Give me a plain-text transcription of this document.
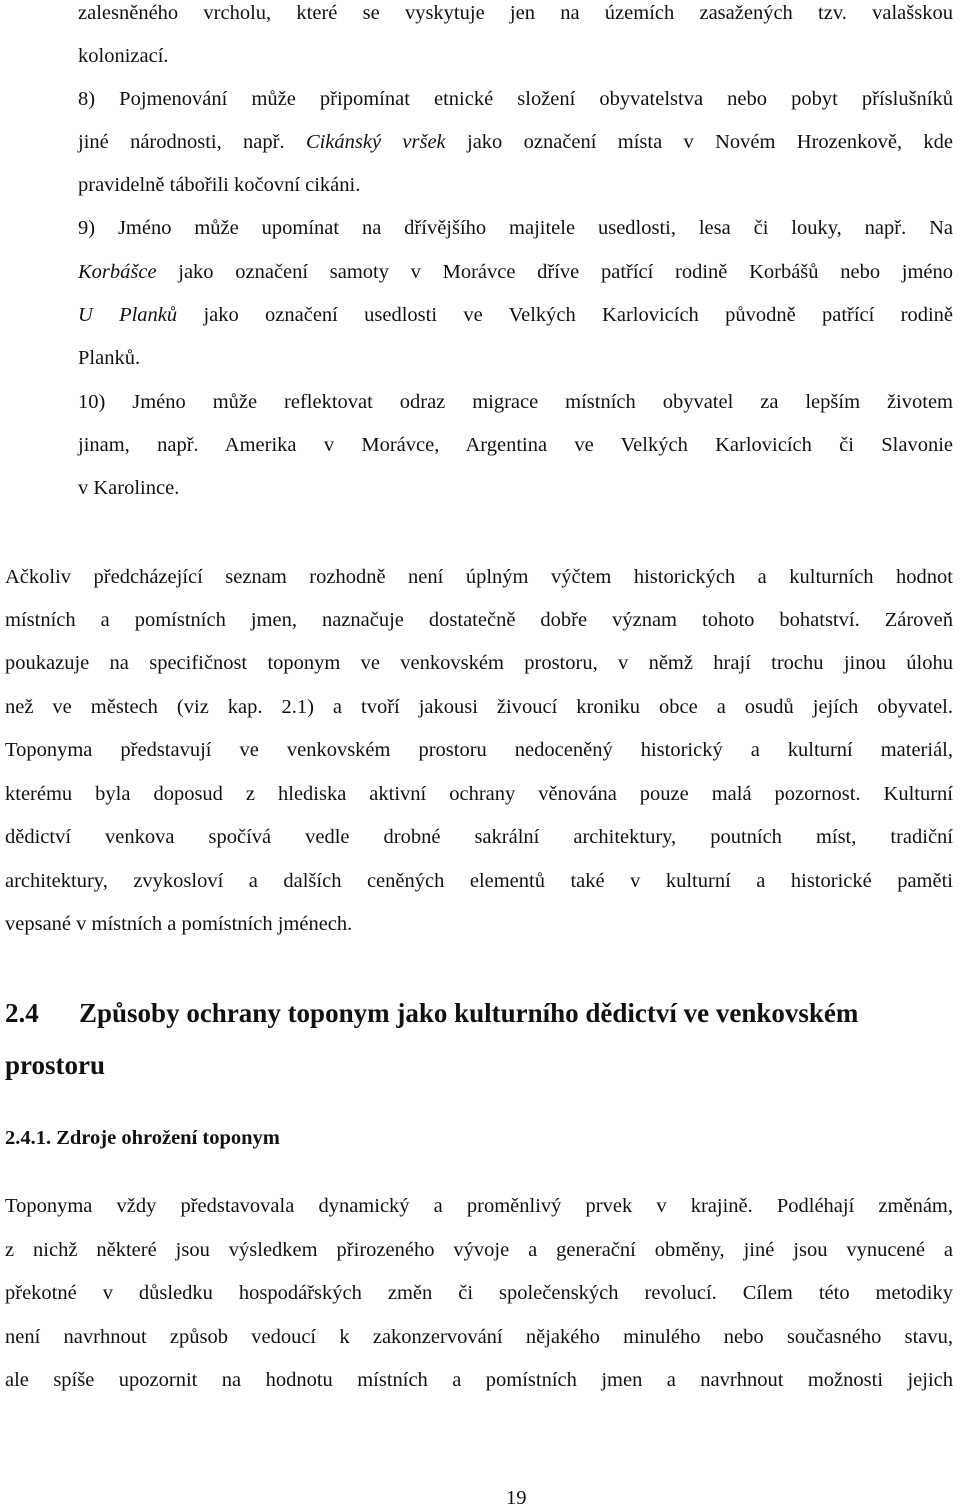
zalesněného vrcholu, které se vyskytuje jen na územích zasažených tzv. valašskou
kolonizací.
8) Pojmenování může připomínat etnické složení obyvatelstva nebo pobyt příslušníků
jiné národnosti, např. Cikánský vršek jako označení místa v Novém Hrozenkově, kde
pravidelně tábořili kočovní cikáni.
9) Jméno může upomínat na dřívějšího majitele usedlosti, lesa či louky, např. Na
Korbášce jako označení samoty v Morávce dříve patřící rodině Korbášů nebo jméno
U Planků jako označení usedlosti ve Velkých Karlovicích původně patřící rodině
Planků.
10) Jméno může reflektovat odraz migrace místních obyvatel za lepším životem
jinam, např. Amerika v Morávce, Argentina ve Velkých Karlovicích či Slavonie
v Karolince.
Ačkoliv předcházející seznam rozhodně není úplným výčtem historických a kulturních hodnot
místních a pomístních jmen, naznačuje dostatečně dobře význam tohoto bohatství. Zároveň
poukazuje na specifičnost toponym ve venkovském prostoru, v němž hrají trochu jinou úlohu
než ve městech (viz kap. 2.1) a tvoří jakousi živoucí kroniku obce a osudů jejích obyvatel.
Toponyma představují ve venkovském prostoru nedoceněný historický a kulturní materiál,
kterému byla doposud z hlediska aktivní ochrany věnována pouze malá pozornost. Kulturní
dědictví venkova spočívá vedle drobné sakrální architektury, poutních míst, tradiční
architektury, zvykosloví a dalších ceněných elementů také v kulturní a historické paměti
vepsané v místních a pomístních jménech.
2.4 Způsoby ochrany toponym jako kulturního dědictví ve venkovském
prostoru
2.4.1. Zdroje ohrožení toponym
Toponyma vždy představovala dynamický a proměnlivý prvek v krajině. Podléhají změnám,
z nichž některé jsou výsledkem přirozeného vývoje a generační obměny, jiné jsou vynucené a
překotné v důsledku hospodářských změn či společenských revolucí. Cílem této metodiky
není navrhnout způsob vedoucí k zakonzervování nějakého minulého nebo současného stavu,
ale spíše upozornit na hodnotu místních a pomístních jmen a navrhnout možnosti jejich
19
